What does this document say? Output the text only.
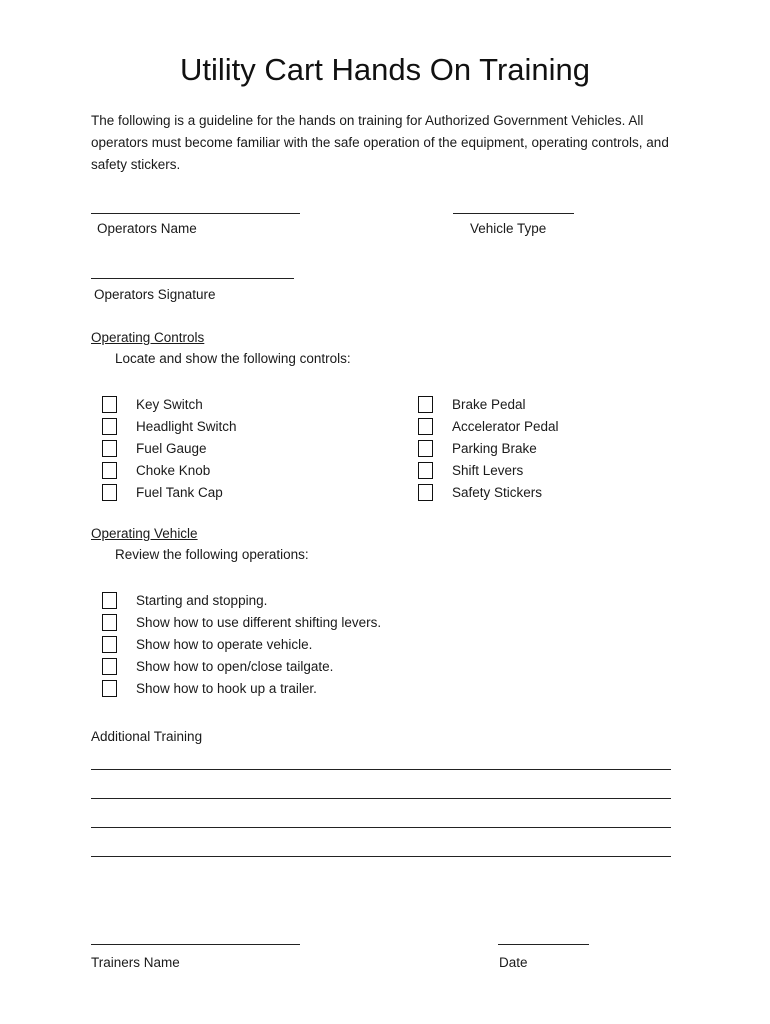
Utility Cart Hands On Training
The following is a guideline for the hands on training for Authorized Government Vehicles. All operators must become familiar with the safe operation of the equipment, operating controls, and safety stickers.
Operators Name	Vehicle Type
Operators Signature
Operating Controls
Locate and show the following controls:
Key Switch
Headlight Switch
Fuel Gauge
Choke Knob
Fuel Tank Cap
Brake Pedal
Accelerator Pedal
Parking Brake
Shift Levers
Safety Stickers
Operating Vehicle
Review the following operations:
Starting and stopping.
Show how to use different shifting levers.
Show how to operate vehicle.
Show how to open/close tailgate.
Show how to hook up a trailer.
Additional Training
Trainers Name	Date
